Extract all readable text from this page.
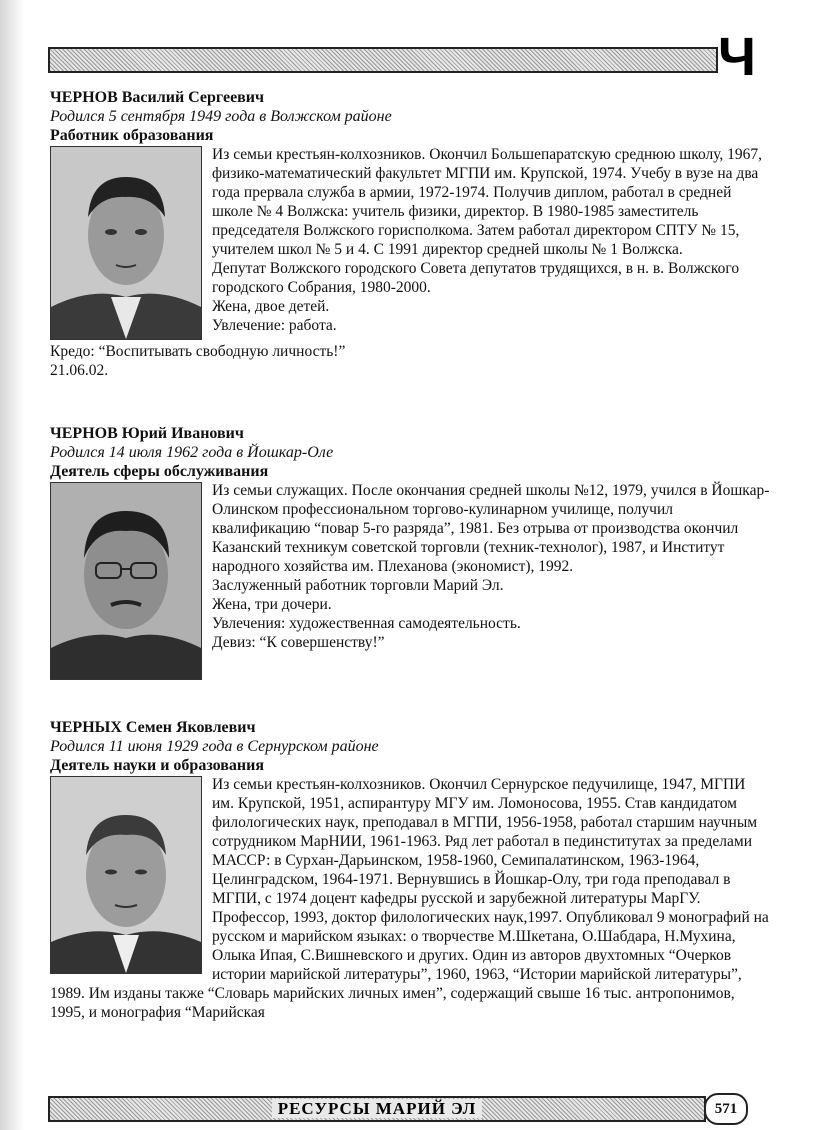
Ч
ЧЕРНОВ Василий Сергеевич
Родился 5 сентября 1949 года в Волжском районе
Работник образования

Из семьи крестьян-колхозников. Окончил Большепаратскую среднюю школу, 1967, физико-математический факультет МГПИ им. Крупской, 1974. Учебу в вузе на два года прервала служба в армии, 1972-1974. Получив диплом, работал в средней школе № 4 Волжска: учитель физики, директор. В 1980-1985 заместитель председателя Волжского горисполкома. Затем работал директором СПТУ № 15, учителем школ № 5 и 4. С 1991 директор средней школы № 1 Волжска.

Депутат Волжского городского Совета депутатов трудящихся, в н. в. Волжского городского Собрания, 1980-2000.

Жена, двое детей.

Увлечение: работа.

Кредо: “Воспитывать свободную личность!”
21.06.02.
ЧЕРНОВ Юрий Иванович
Родился 14 июля 1962 года в Йошкар-Оле
Деятель сферы обслуживания

Из семьи служащих. После окончания средней школы №12, 1979, учился в Йошкар-Олинском профессиональном торгово-кулинарном училище, получил квалификацию “повар 5-го разряда”, 1981. Без отрыва от производства окончил Казанский техникум советской торговли (техник-технолог), 1987, и Институт народного хозяйства им. Плеханова (экономист), 1992.

Заслуженный работник торговли Марий Эл.

Жена, три дочери.

Увлечения: художественная самодеятельность.

Девиз: “К совершенству!”

ЧЕРНЫХ Семен Яковлевич
Родился 11 июня 1929 года в Сернурском районе
Деятель науки и образования

Из семьи крестьян-колхозников. Окончил Сернурское педучилище, 1947, МГПИ им. Крупской, 1951, аспирантуру МГУ им. Ломоносова, 1955. Став кандидатом филологических наук, преподавал в МГПИ, 1956-1958, работал старшим научным сотрудником МарНИИ, 1961-1963. Ряд лет работал в пединститутах за пределами МАССР: в Сурхан-Дарьинском, 1958-1960, Семипалатинском, 1963-1964, Целинградском, 1964-1971. Вернувшись в Йошкар-Олу, три года преподавал в МГПИ, с 1974 доцент кафедры русской и зарубежной литературы МарГУ.

Профессор, 1993, доктор филологических наук,1997. Опубликовал 9 монографий на русском и марийском языках: о творчестве М.Шкетана, О.Шабдара, Н.Мухина, Олыка Ипая, С.Вишневского и других. Один из авторов двухтомных “Очерков истории марийской литературы”, 1960, 1963, “Истории марийской литературы”, 1989. Им изданы также “Словарь марийских личных имен”, содержащий свыше 16 тыс. антропонимов, 1995, и монография “Марийская

РЕСУРСЫ МАРИЙ ЭЛ	571
